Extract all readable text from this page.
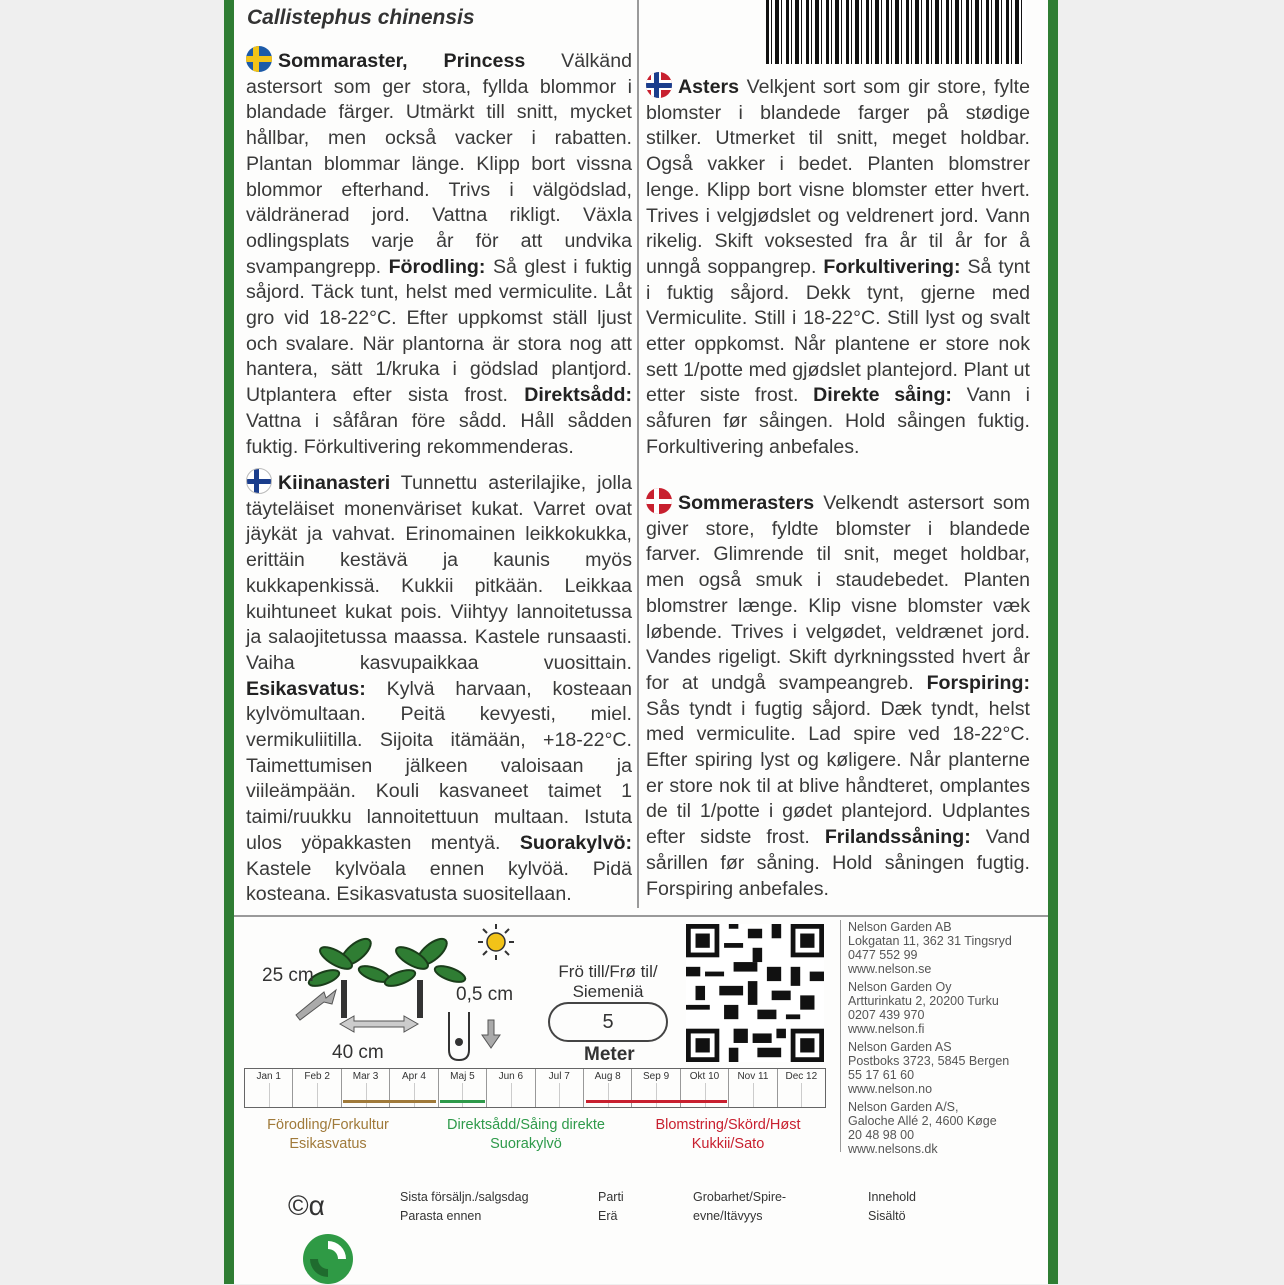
Callistephus chinensis
Sommaraster, Princess Välkänd astersort som ger stora, fyllda blommor i blandade färger. Utmärkt till snitt, mycket hållbar, men också vacker i rabatten. Plantan blommar länge. Klipp bort vissna blommor efterhand. Trivs i välgödslad, väldränerad jord. Vattna rikligt. Växla odlingsplats varje år för att undvika svampangrepp. Förodling: Så glest i fuktig såjord. Täck tunt, helst med vermiculite. Låt gro vid 18-22°C. Efter uppkomst ställ ljust och svalare. När plantorna är stora nog att hantera, sätt 1/kruka i gödslad plantjord. Utplantera efter sista frost. Direktsådd: Vattna i såfåran före sådd. Håll sådden fuktig. Förkultivering rekommenderas.
Kiinanasteri Tunnettu asterilajike, jolla täyteläiset monenväriset kukat. Varret ovat jäykät ja vahvat. Erinomainen leikkokukka, erittäin kestävä ja kaunis myös kukkapenkissä. Kukkii pitkään. Leikkaa kuihtuneet kukat pois. Viihtyy lannoitetussa ja salaojitetussa maassa. Kastele runsaasti. Vaiha kasvupaikkaa vuosittain. Esikasvatus: Kylvä harvaan, kosteaan kylvömultaan. Peitä kevyesti, miel. vermikuliitilla. Sijoita itämään, +18-22°C. Taimettumisen jälkeen valoisaan ja viileämpään. Kouli kasvaneet taimet 1 taimi/ruukku lannoitettuun multaan. Istuta ulos yöpakkasten mentyä. Suorakylvö: Kastele kylvöala ennen kylvöä. Pidä kosteana. Esikasvatusta suositellaan.
Asters Velkjent sort som gir store, fylte blomster i blandede farger på stødige stilker. Utmerket til snitt, meget holdbar. Også vakker i bedet. Planten blomstrer lenge. Klipp bort visne blomster etter hvert. Trives i velgjødslet og veldrenert jord. Vann rikelig. Skift voksested fra år til år for å unngå soppangrep. Forkultivering: Så tynt i fuktig såjord. Dekk tynt, gjerne med Vermiculite. Still i 18-22°C. Still lyst og svalt etter oppkomst. Når plantene er store nok sett 1/potte med gjødslet plantejord. Plant ut etter siste frost. Direkte såing: Vann i såfuren før såingen. Hold såingen fuktig. Forkultivering anbefales.
Sommerasters Velkendt astersort som giver store, fyldte blomster i blandede farver. Glimrende til snit, meget holdbar, men også smuk i staudebedet. Planten blomstrer længe. Klip visne blomster væk løbende. Trives i velgødet, veldrænet jord. Vandes rigeligt. Skift dyrkningssted hvert år for at undgå svampeangreb. Forspiring: Sås tyndt i fugtig såjord. Dæk tyndt, helst med vermiculite. Lad spire ved 18-22°C. Efter spiring lyst og køligere. Når planterne er store nok til at blive håndteret, omplantes de til 1/potte i gødet plantejord. Udplantes efter sidste frost. Frilandssåning: Vand sårillen før såning. Hold såningen fugtig. Forspiring anbefales.
25 cm
40 cm
0,5 cm
Frö till/Frø til/
Siemeniä
5
Meter
Nelson Garden AB
Lokgatan 11, 362 31 Tingsryd
0477 552 99
www.nelson.se
Nelson Garden Oy
Artturinkatu 2, 20200 Turku
0207 439 970
www.nelson.fi
Nelson Garden AS
Postboks 3723, 5845 Bergen
55 17 61 60
www.nelson.no
Nelson Garden A/S,
Galoche Allé 2, 4600 Køge
20 48 98 00
www.nelsons.dk
Jan 1	Feb 2	Mar 3	Apr 4	Maj 5	Jun 6	Jul 7	Aug 8	Sep 9	Okt 10	Nov 11	Dec 12
Förodling/Forkultur
Esikasvatus
Direktsådd/Såing direkte
Suorakylvö
Blomstring/Skörd/Høst
Kukkii/Sato
©α	Sista försäljn./salgsdag
Parasta ennen
Parti
Erä
Grobarhet/Spire-
evne/Itävyys
Innehold
Sisältö
